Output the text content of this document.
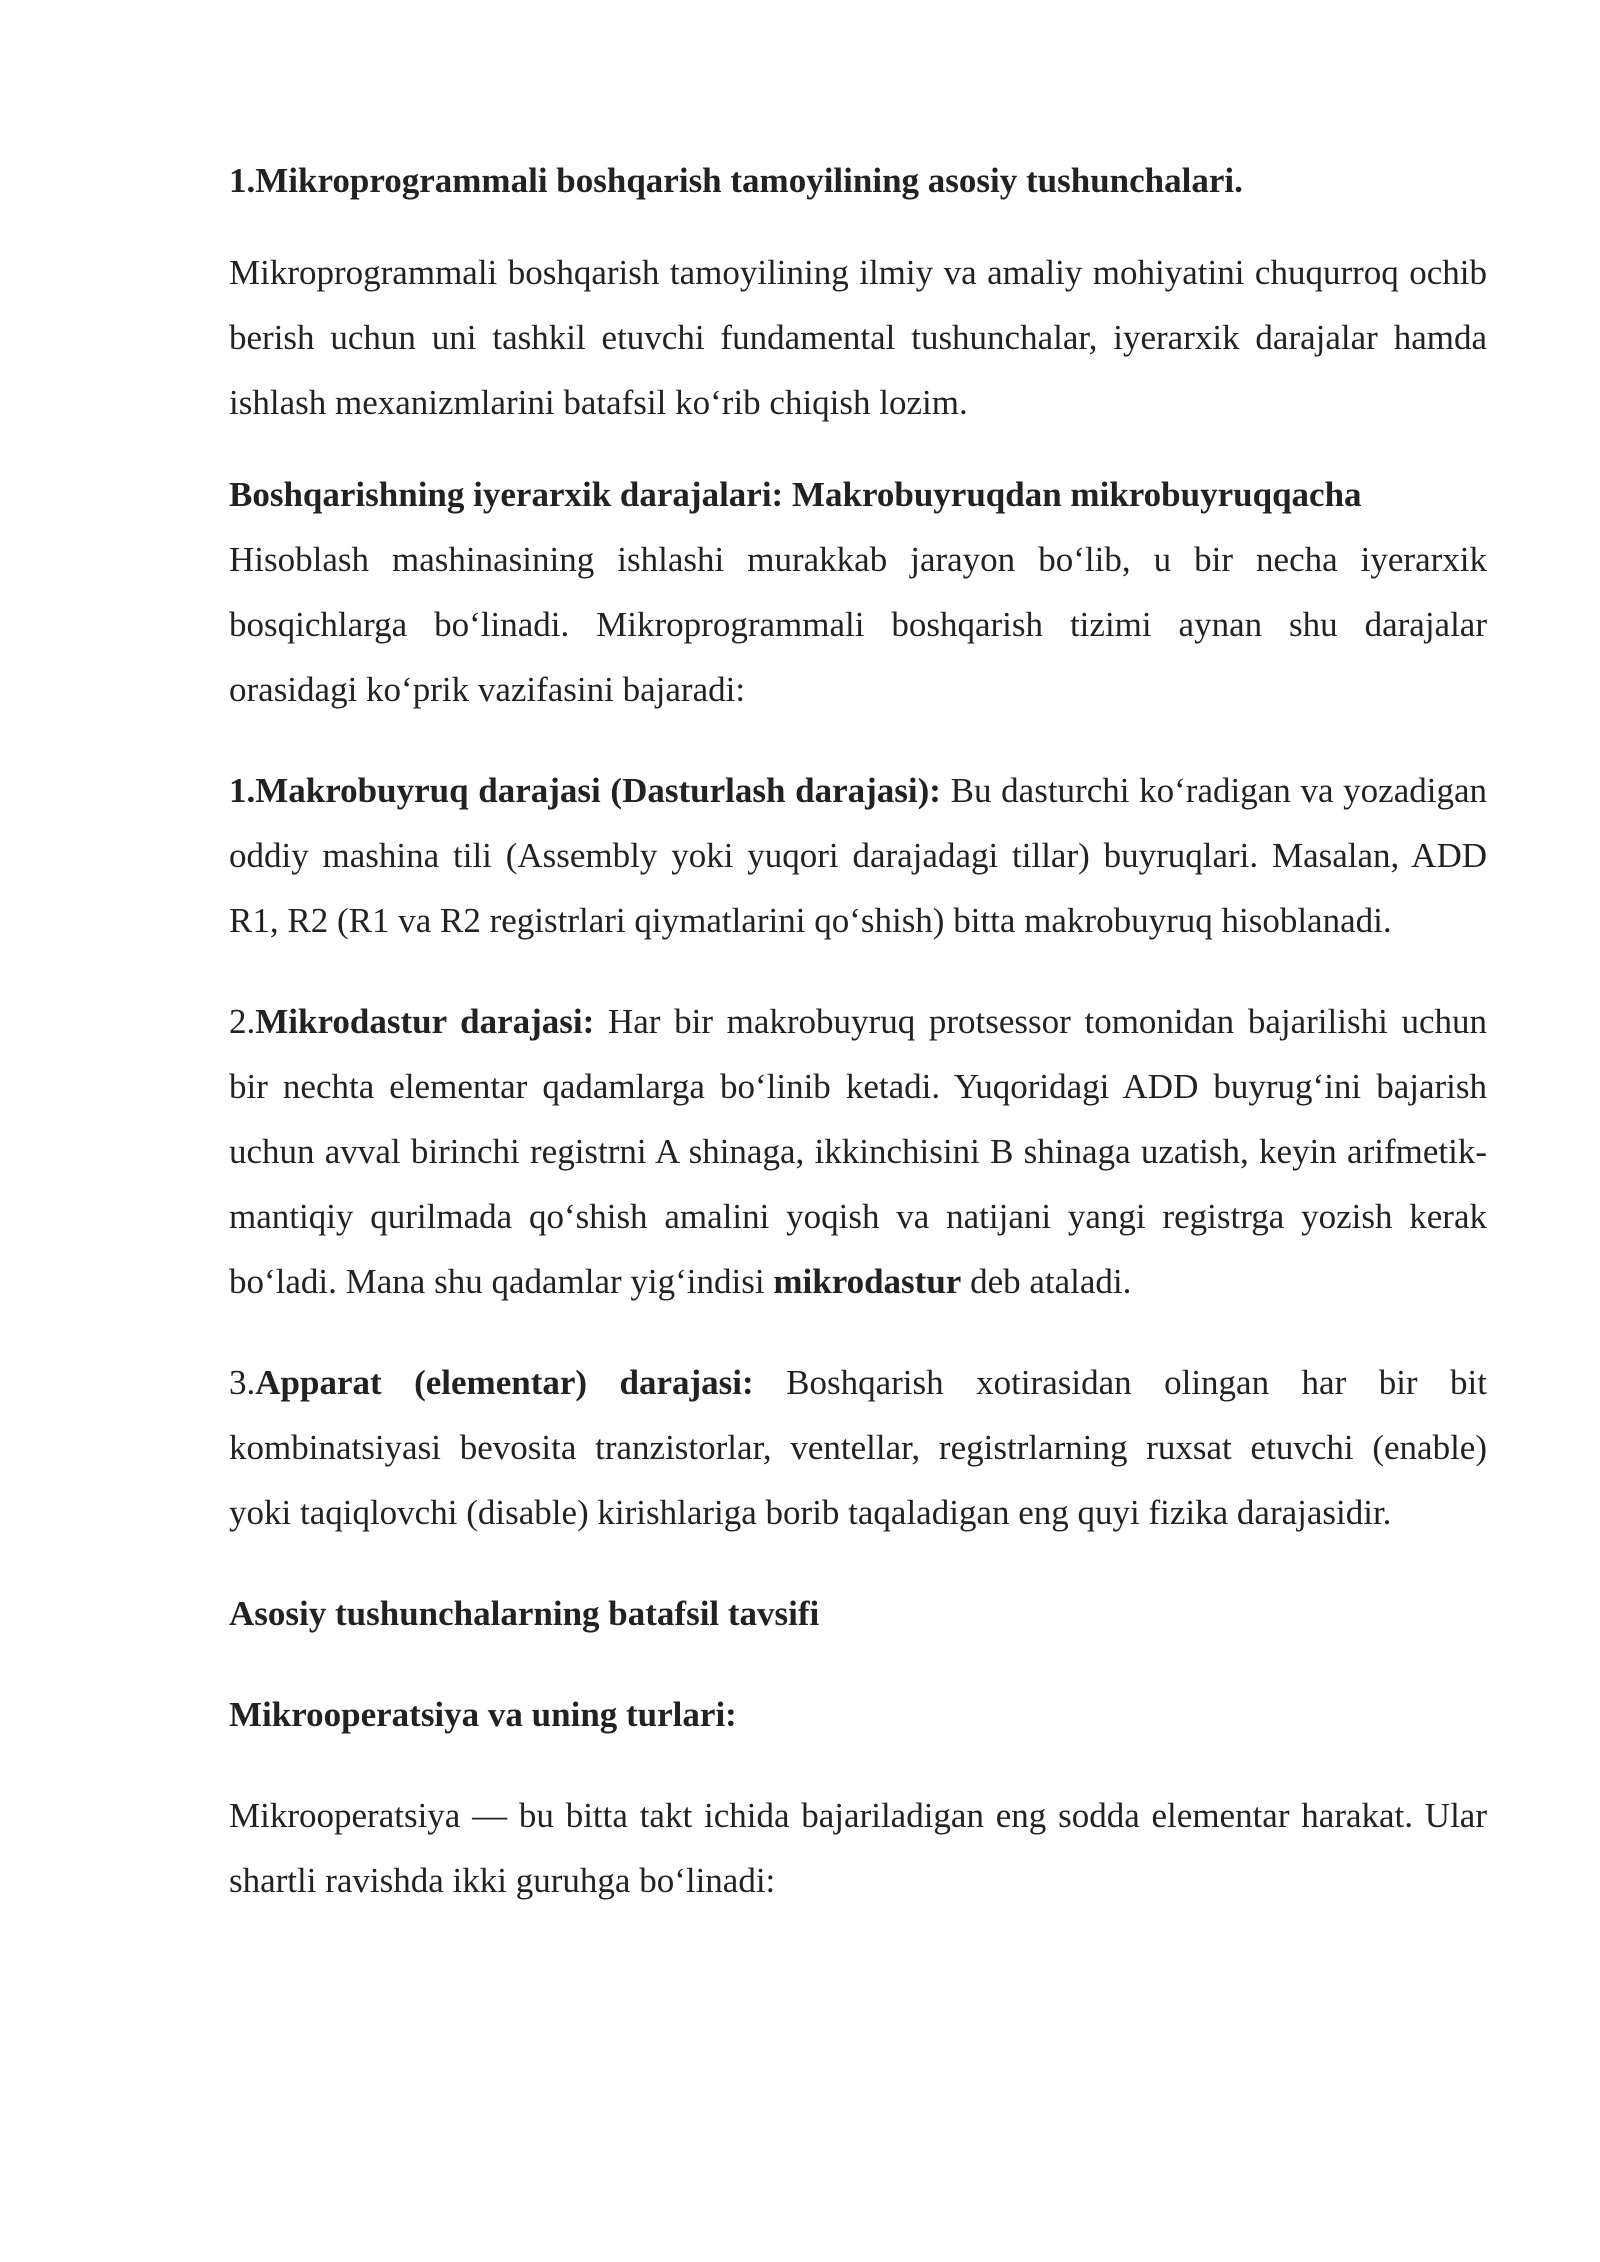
1.Mikroprogrammali boshqarish tamoyilining asosiy tushunchalari.

Mikroprogrammali boshqarish tamoyilining ilmiy va amaliy mohiyatini chuqurroq ochib berish uchun uni tashkil etuvchi fundamental tushunchalar, iyerarxik darajalar hamda ishlash mexanizmlarini batafsil ko‘rib chiqish lozim.

Boshqarishning iyerarxik darajalari: Makrobuyruqdan mikrobuyruqqacha

Hisoblash mashinasining ishlashi murakkab jarayon bo‘lib, u bir necha iyerarxik bosqichlarga bo‘linadi. Mikroprogrammali boshqarish tizimi aynan shu darajalar orasidagi ko‘prik vazifasini bajaradi:

1.Makrobuyruq darajasi (Dasturlash darajasi): Bu dasturchi ko‘radigan va yozadigan oddiy mashina tili (Assembly yoki yuqori darajadagi tillar) buyruqlari. Masalan, ADD R1, R2 (R1 va R2 registrlari qiymatlarini qo‘shish) bitta makrobuyruq hisoblanadi.

2.Mikrodastur darajasi: Har bir makrobuyruq protsessor tomonidan bajarilishi uchun bir nechta elementar qadamlarga bo‘linib ketadi. Yuqoridagi ADD buyrug‘ini bajarish uchun avval birinchi registrni A shinaga, ikkinchisini B shinaga uzatish, keyin arifmetik-mantiqiy qurilmada qo‘shish amalini yoqish va natijani yangi registrga yozish kerak bo‘ladi. Mana shu qadamlar yig‘indisi mikrodastur deb ataladi.

3.Apparat (elementar) darajasi: Boshqarish xotirasidan olingan har bir bit kombinatsiyasi bevosita tranzistorlar, ventellar, registrlarning ruxsat etuvchi (enable) yoki taqiqlovchi (disable) kirishlariga borib taqaladigan eng quyi fizika darajasidir.

Asosiy tushunchalarning batafsil tavsifi

Mikrooperatsiya va uning turlari:

Mikrooperatsiya — bu bitta takt ichida bajariladigan eng sodda elementar harakat. Ular shartli ravishda ikki guruhga bo‘linadi:
